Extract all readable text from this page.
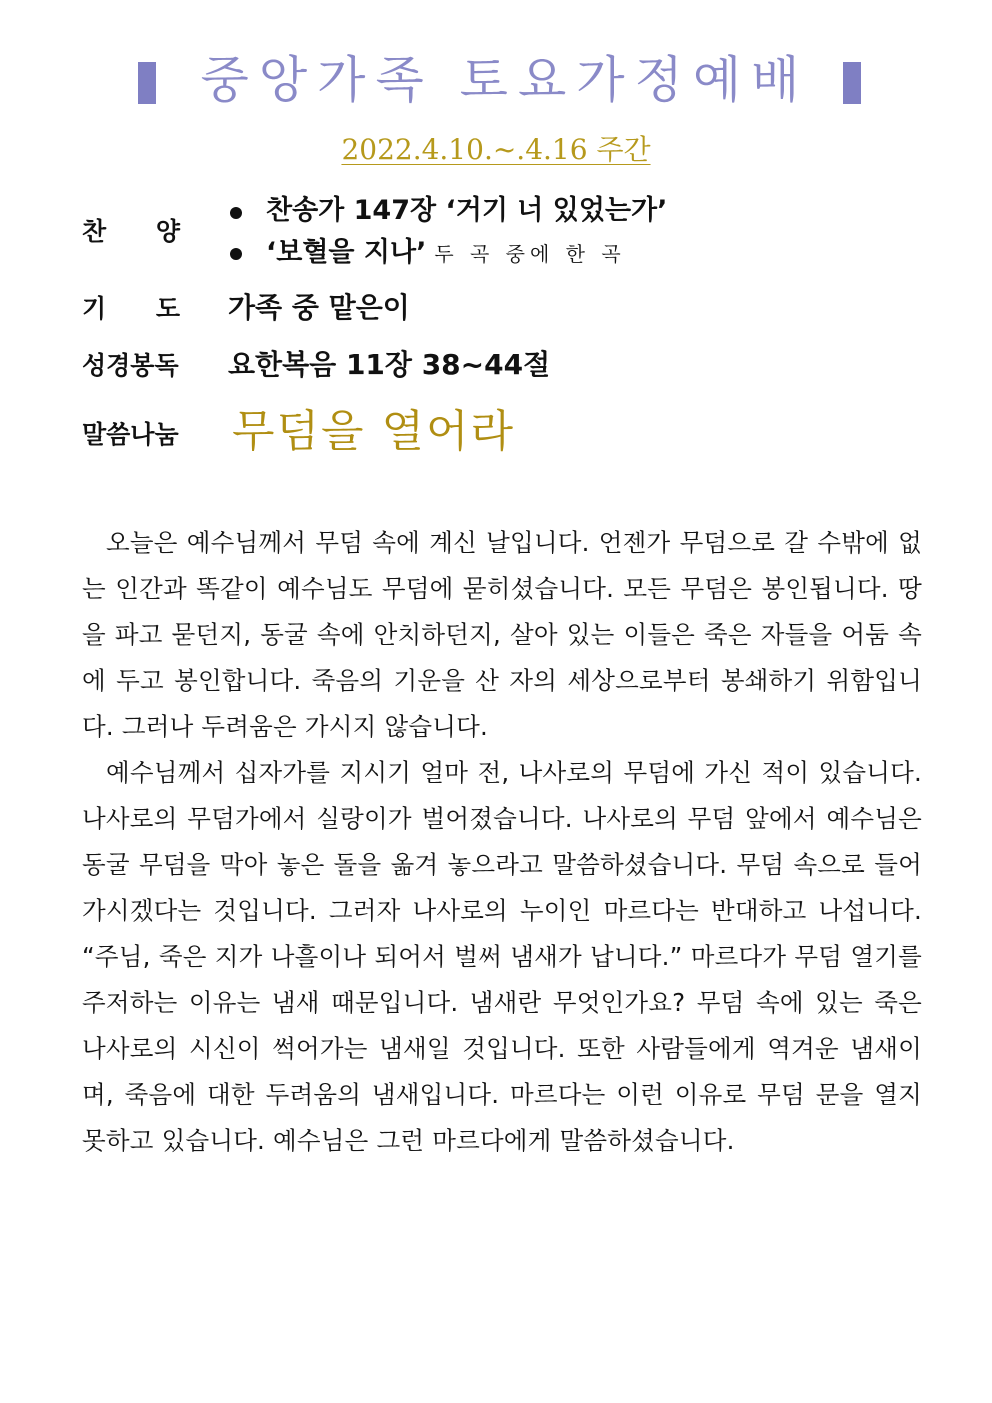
중앙가족 토요가정예배
2022.4.10.~.4.16 주간
찬 양
찬송가 147장 ‘거기 너 있었는가’
‘보혈을 지나’ 두 곡 중에 한 곡
기 도 가족 중 맡은이
성경봉독 요한복음 11장 38~44절
말씀나눔 무덤을 열어라

오늘은 예수님께서 무덤 속에 계신 날입니다. 언젠가 무덤으로 갈 수밖에 없는 인간과 똑같이 예수님도 무덤에 묻히셨습니다. 모든 무덤은 봉인됩니다. 땅을 파고 묻던지, 동굴 속에 안치하던지, 살아 있는 이들은 죽은 자들을 어둠 속에 두고 봉인합니다. 죽음의 기운을 산 자의 세상으로부터 봉쇄하기 위함입니다. 그러나 두려움은 가시지 않습니다.

예수님께서 십자가를 지시기 얼마 전, 나사로의 무덤에 가신 적이 있습니다. 나사로의 무덤가에서 실랑이가 벌어졌습니다. 나사로의 무덤 앞에서 예수님은 동굴 무덤을 막아 놓은 돌을 옮겨 놓으라고 말씀하셨습니다. 무덤 속으로 들어가시겠다는 것입니다. 그러자 나사로의 누이인 마르다는 반대하고 나섭니다. “주님, 죽은 지가 나흘이나 되어서 벌써 냄새가 납니다.” 마르다가 무덤 열기를 주저하는 이유는 냄새 때문입니다. 냄새란 무엇인가요? 무덤 속에 있는 죽은 나사로의 시신이 썩어가는 냄새일 것입니다. 또한 사람들에게 역겨운 냄새이며, 죽음에 대한 두려움의 냄새입니다. 마르다는 이런 이유로 무덤 문을 열지 못하고 있습니다. 예수님은 그런 마르다에게 말씀하셨습니다.
